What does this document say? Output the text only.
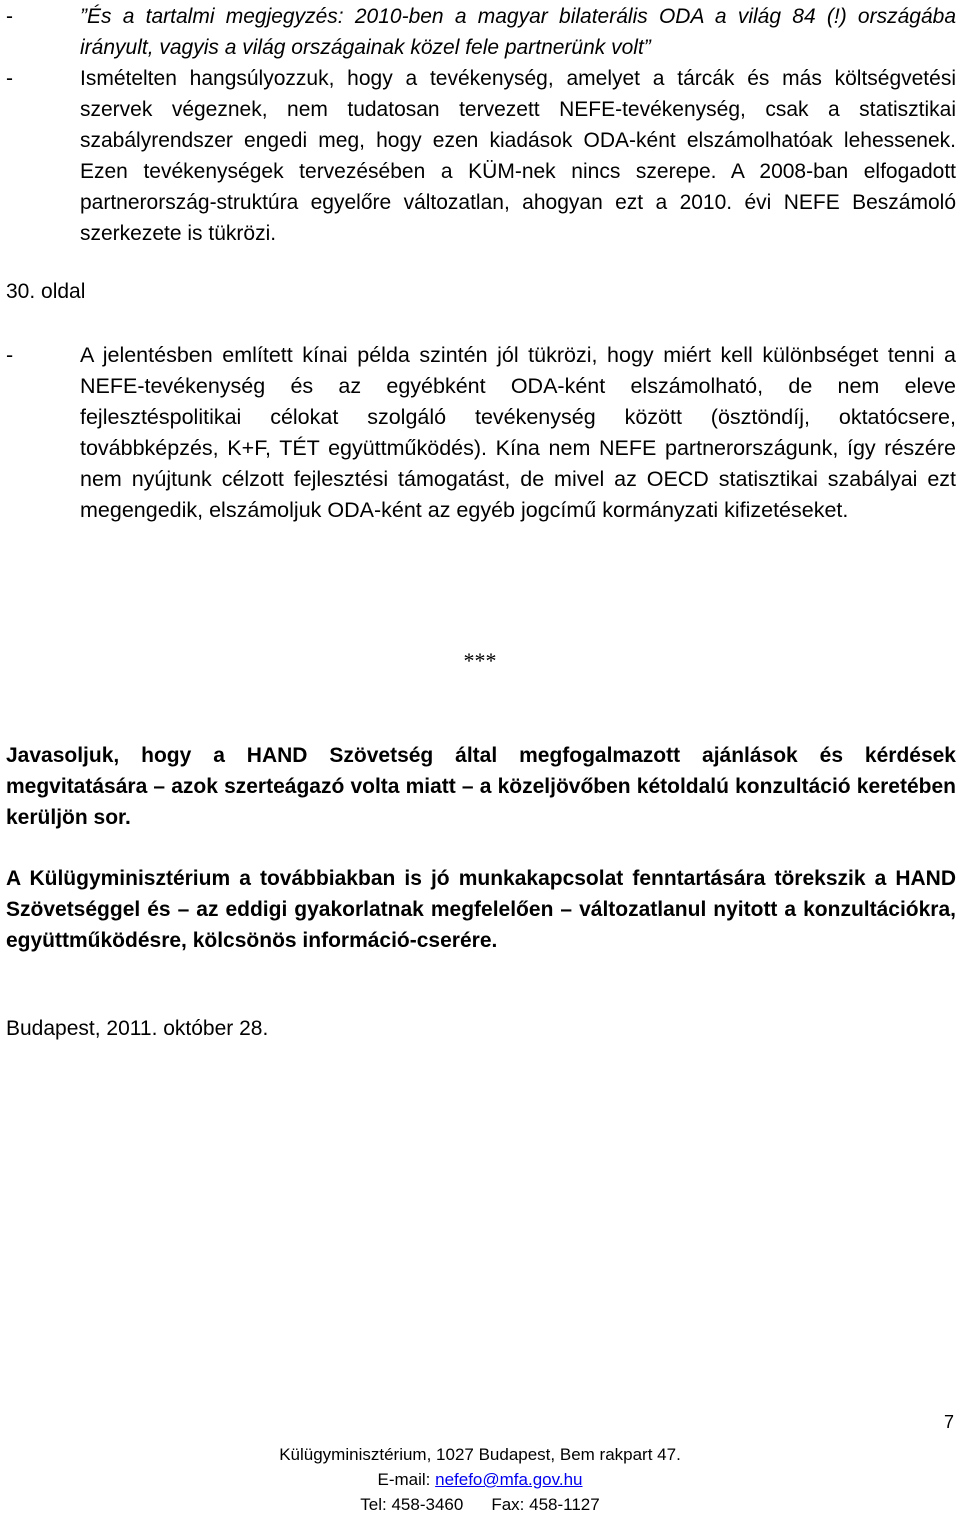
-	”És a tartalmi megjegyzés: 2010-ben a magyar bilaterális ODA a világ 84 (!) országába irányult, vagyis a világ országainak közel fele partnerünk volt”
-	Ismételten hangsúlyozzuk, hogy a tevékenység, amelyet a tárcák és más költségvetési szervek végeznek, nem tudatosan tervezett NEFE-tevékenység, csak a statisztikai szabályrendszer engedi meg, hogy ezen kiadások ODA-ként elszámolhatóak lehessenek. Ezen tevékenységek tervezésében a KÜM-nek nincs szerepe. A 2008-ban elfogadott partnerország-struktúra egyelőre változatlan, ahogyan ezt a 2010. évi NEFE Beszámoló szerkezete is tükrözi.
30. oldal
-	A jelentésben említett kínai példa szintén jól tükrözi, hogy miért kell különbséget tenni a NEFE-tevékenység és az egyébként ODA-ként elszámolható, de nem eleve fejlesztéspolitikai célokat szolgáló tevékenység között (ösztöndíj, oktatócsere, továbbképzés, K+F, TÉT együttműködés). Kína nem NEFE partnerországunk, így részére nem nyújtunk célzott fejlesztési támogatást, de mivel az OECD statisztikai szabályai ezt megengedik, elszámoljuk ODA-ként az egyéb jogcímű kormányzati kifizetéseket.
***
Javasoljuk, hogy a HAND Szövetség által megfogalmazott ajánlások és kérdések megvitatására – azok szerteágazó volta miatt – a közeljövőben kétoldalú konzultáció keretében kerüljön sor.
A Külügyminisztérium a továbbiakban is jó munkakapcsolat fenntartására törekszik a HAND Szövetséggel és – az eddigi gyakorlatnak megfelelően – változatlanul nyitott a konzultációkra, együttműködésre, kölcsönös információ-cserére.
Budapest, 2011. október 28.
7
Külügyminisztérium, 1027 Budapest, Bem rakpart 47.
E-mail: nefefo@mfa.gov.hu
Tel: 458-3460 Fax: 458-1127
